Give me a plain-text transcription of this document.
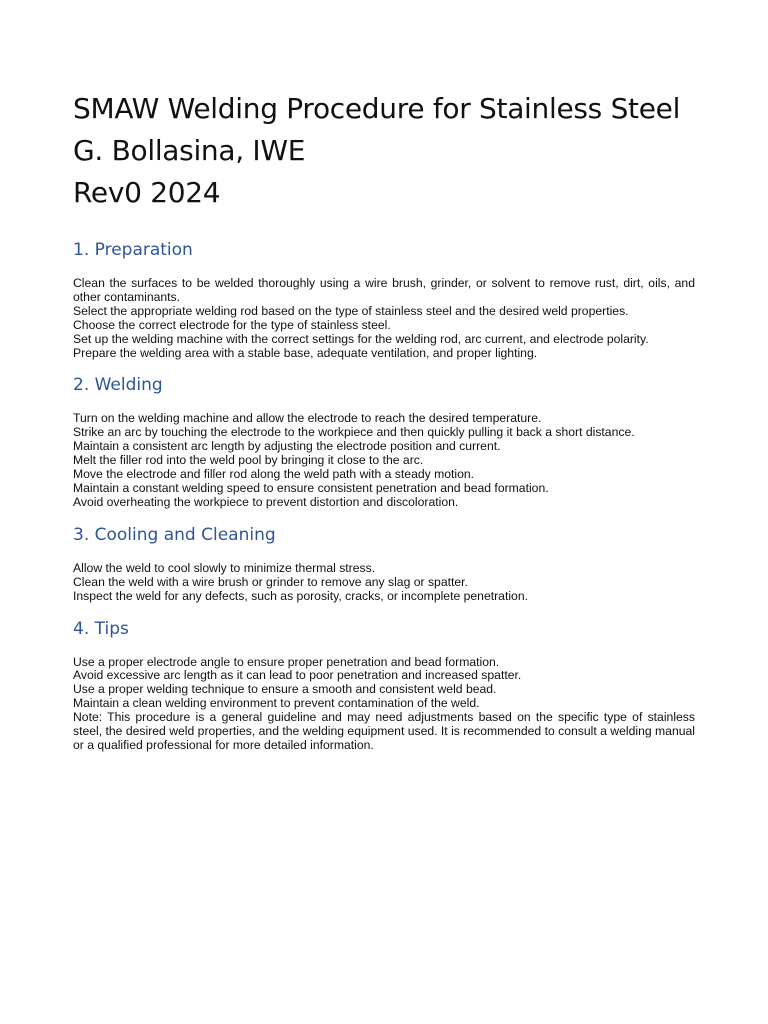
SMAW Welding Procedure for Stainless Steel
G. Bollasina, IWE
Rev0 2024
1. Preparation
Clean the surfaces to be welded thoroughly using a wire brush, grinder, or solvent to remove rust, dirt, oils, and other contaminants.
Select the appropriate welding rod based on the type of stainless steel and the desired weld properties.
Choose the correct electrode for the type of stainless steel.
Set up the welding machine with the correct settings for the welding rod, arc current, and electrode polarity.
Prepare the welding area with a stable base, adequate ventilation, and proper lighting.
2. Welding
Turn on the welding machine and allow the electrode to reach the desired temperature.
Strike an arc by touching the electrode to the workpiece and then quickly pulling it back a short distance.
Maintain a consistent arc length by adjusting the electrode position and current.
Melt the filler rod into the weld pool by bringing it close to the arc.
Move the electrode and filler rod along the weld path with a steady motion.
Maintain a constant welding speed to ensure consistent penetration and bead formation.
Avoid overheating the workpiece to prevent distortion and discoloration.
3. Cooling and Cleaning
Allow the weld to cool slowly to minimize thermal stress.
Clean the weld with a wire brush or grinder to remove any slag or spatter.
Inspect the weld for any defects, such as porosity, cracks, or incomplete penetration.
4. Tips
Use a proper electrode angle to ensure proper penetration and bead formation.
Avoid excessive arc length as it can lead to poor penetration and increased spatter.
Use a proper welding technique to ensure a smooth and consistent weld bead.
Maintain a clean welding environment to prevent contamination of the weld.
Note: This procedure is a general guideline and may need adjustments based on the specific type of stainless steel, the desired weld properties, and the welding equipment used. It is recommended to consult a welding manual or a qualified professional for more detailed information.
